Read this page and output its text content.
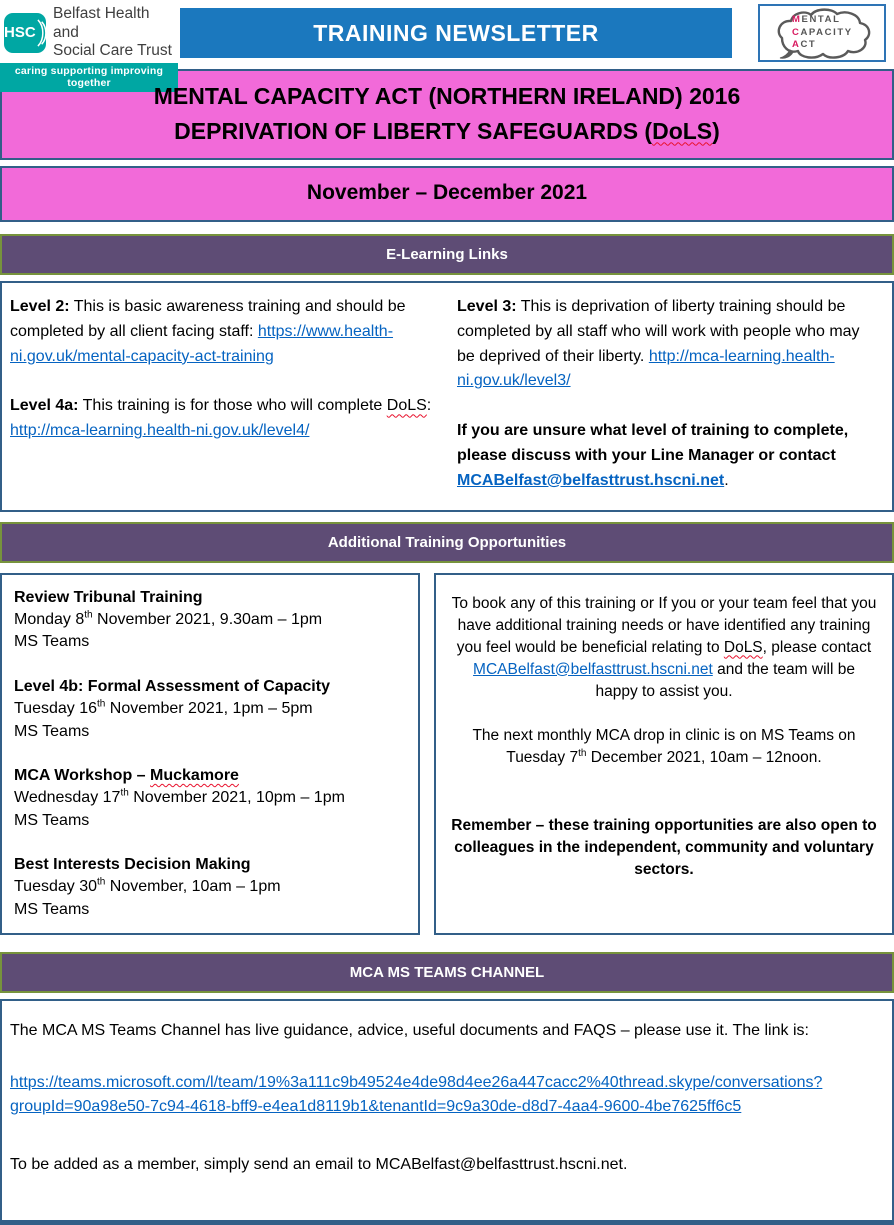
HSC
Belfast Health and
Social Care Trust
caring supporting improving together
TRAINING NEWSLETTER	MENTAL
CAPACITY
ACT
MENTAL CAPACITY ACT (NORTHERN IRELAND) 2016
DEPRIVATION OF LIBERTY SAFEGUARDS (DoLS)
November – December 2021
E-Learning Links

Level 2: This is basic awareness training and should be completed by all client facing staff: https://www.health-ni.gov.uk/mental-capacity-act-training

Level 4a: This training is for those who will complete DoLS:
http://mca-learning.health-ni.gov.uk/level4/

Level 3: This is deprivation of liberty training should be completed by all staff who will work with people who may be deprived of their liberty. http://mca-learning.health-ni.gov.uk/level3/

If you are unsure what level of training to complete, please discuss with your Line Manager or contact MCABelfast@belfasttrust.hscni.net.

Additional Training Opportunities
Review Tribunal Training
Monday 8th November 2021, 9.30am – 1pm
MS Teams
Level 4b: Formal Assessment of Capacity
Tuesday 16th November 2021, 1pm – 5pm
MS Teams
MCA Workshop – Muckamore
Wednesday 17th November 2021, 10pm – 1pm
MS Teams
Best Interests Decision Making
Tuesday 30th November, 10am – 1pm
MS Teams

To book any of this training or If you or your team feel that you have additional training needs or have identified any training you feel would be beneficial relating to DoLS, please contact MCABelfast@belfasttrust.hscni.net and the team will be happy to assist you.

The next monthly MCA drop in clinic is on MS Teams on Tuesday 7th December 2021, 10am – 12noon.

Remember – these training opportunities are also open to colleagues in the independent, community and voluntary sectors.

MCA MS TEAMS CHANNEL

The MCA MS Teams Channel has live guidance, advice, useful documents and FAQS – please use it. The link is:

https://teams.microsoft.com/l/team/19%3a111c9b49524e4de98d4ee26a447cacc2%40thread.skype/conversations?groupId=90a98e50-7c94-4618-bff9-e4ea1d8119b1&tenantId=9c9a30de-d8d7-4aa4-9600-4be7625ff6c5

To be added as a member, simply send an email to MCABelfast@belfasttrust.hscni.net.
